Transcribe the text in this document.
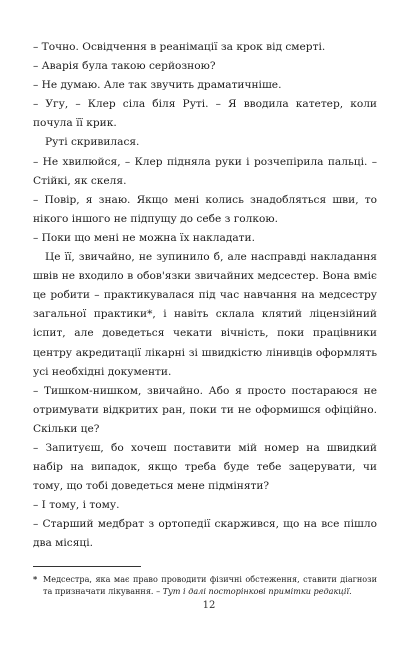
– Точно. Освідчення в реанімації за крок від смерті.

– Аварія була такою серйозною?

– Не думаю. Але так звучить драматичніше.

– Угу, – Клер сіла біля Руті. – Я вводила катетер, коли почула її крик.

Руті скривилася.

– Не хвилюйся, – Клер підняла руки і розчепірила пальці. – Стійкі, як скеля.

– Повір, я знаю. Якщо мені колись знадобляться шви, то нікого іншого не підпущу до себе з голкою.

– Поки що мені не можна їх накладати.

Це її, звичайно, не зупинило б, але насправді накладання швів не входило в обов'язки звичайних медсестер. Вона вміє це робити – практикувалася під час навчання на медсестру загальної практики*, і навіть склала клятий ліцензійний іспит, але доведеться чекати вічність, поки працівники центру акредитації лікарні зі швидкістю лінивців оформлять усі необхідні документи.

– Тишком-нишком, звичайно. Або я просто постараюся не отримувати відкритих ран, поки ти не оформишся офіційно. Скільки це?

– Запитуєш, бо хочеш поставити мій номер на швидкий набір на випадок, якщо треба буде тебе зацерувати, чи тому, що тобі доведеться мене підміняти?

– І тому, і тому.

– Старший медбрат з ортопедії скаржився, що на все пішло два місяці.

* Медсестра, яка має право проводити фізичні обстеження, ставити діагнози та призначати лікування. – Тут і далі посторінкові примітки редакції.

12
